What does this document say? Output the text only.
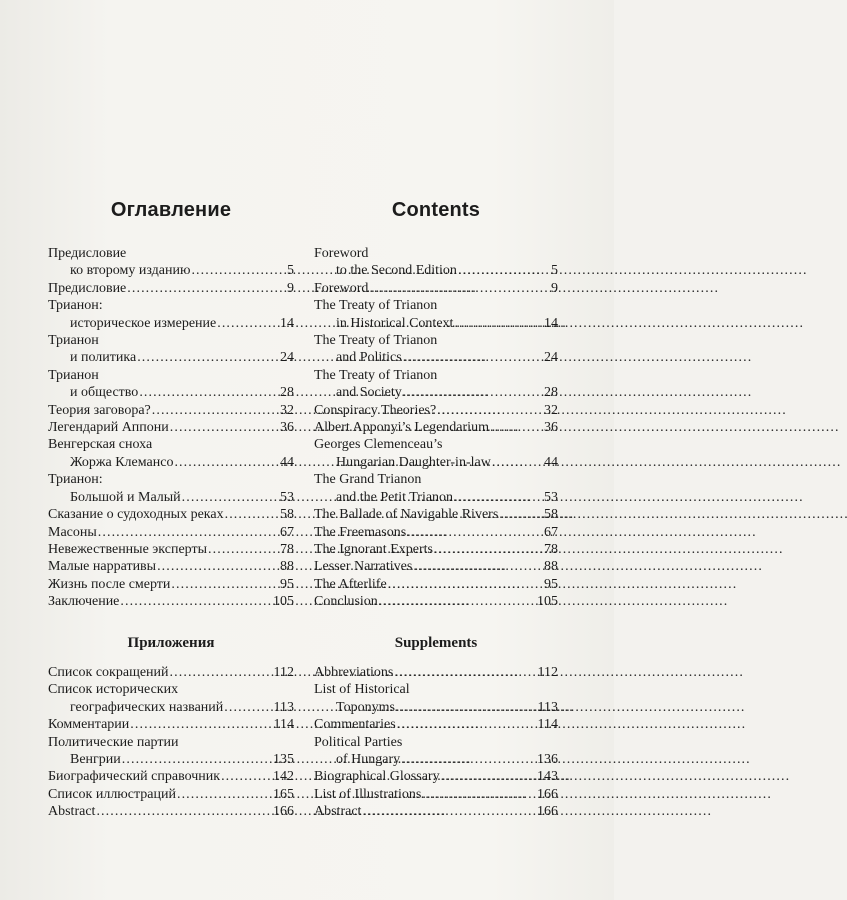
Оглавление
Предисловие
ко второму изданию . . .	5
Предисловие . . .	9
Трианон:
историческое измерение . . .	14
Трианон
и политика . . .	24
Трианон
и общество . . .	28
Теория заговора? . . .	32
Легендарий Аппони . . .	36
Венгерская сноха
Жоржа Клемансо . . .	44
Трианон:
Большой и Малый . . .	53
Сказание о судоходных реках . . .	58
Масоны . . .	67
Невежественные эксперты . . .	78
Малые нарративы . . .	88
Жизнь после смерти . . .	95
Заключение . . .	105
Приложения
Список сокращений . . .	112
Список исторических
географических названий . . .	113
Комментарии . . .	114
Политические партии
Венгрии . . .	135
Биографический справочник . . .	142
Список иллюстраций . . .	165
Abstract . . .	166
Contents
Foreword
to the Second Edition . . .	5
Foreword . . .	9
The Treaty of Trianon
in Historical Context . . .	14
The Treaty of Trianon
and Politics . . .	24
The Treaty of Trianon
and Society . . .	28
Conspiracy Theories? . . .	32
Albert Apponyi’s Legendarium . . .	36
Georges Clemenceau’s
Hungarian Daughter-in-law . . .	44
The Grand Trianon
and the Petit Trianon . . .	53
The Ballade of Navigable Rivers . . .	58
The Freemasons . . .	67
The Ignorant Experts . . .	78
Lesser Narratives . . .	88
The Afterlife . . .	95
Conclusion . . .	105
Supplements
Abbreviations . . .	112
List of Historical
Toponyms . . .	113
Commentaries . . .	114
Political Parties
of Hungary . . .	136
Biographical Glossary . . .	143
List of Illustrations . . .	166
Abstract . . .	166
